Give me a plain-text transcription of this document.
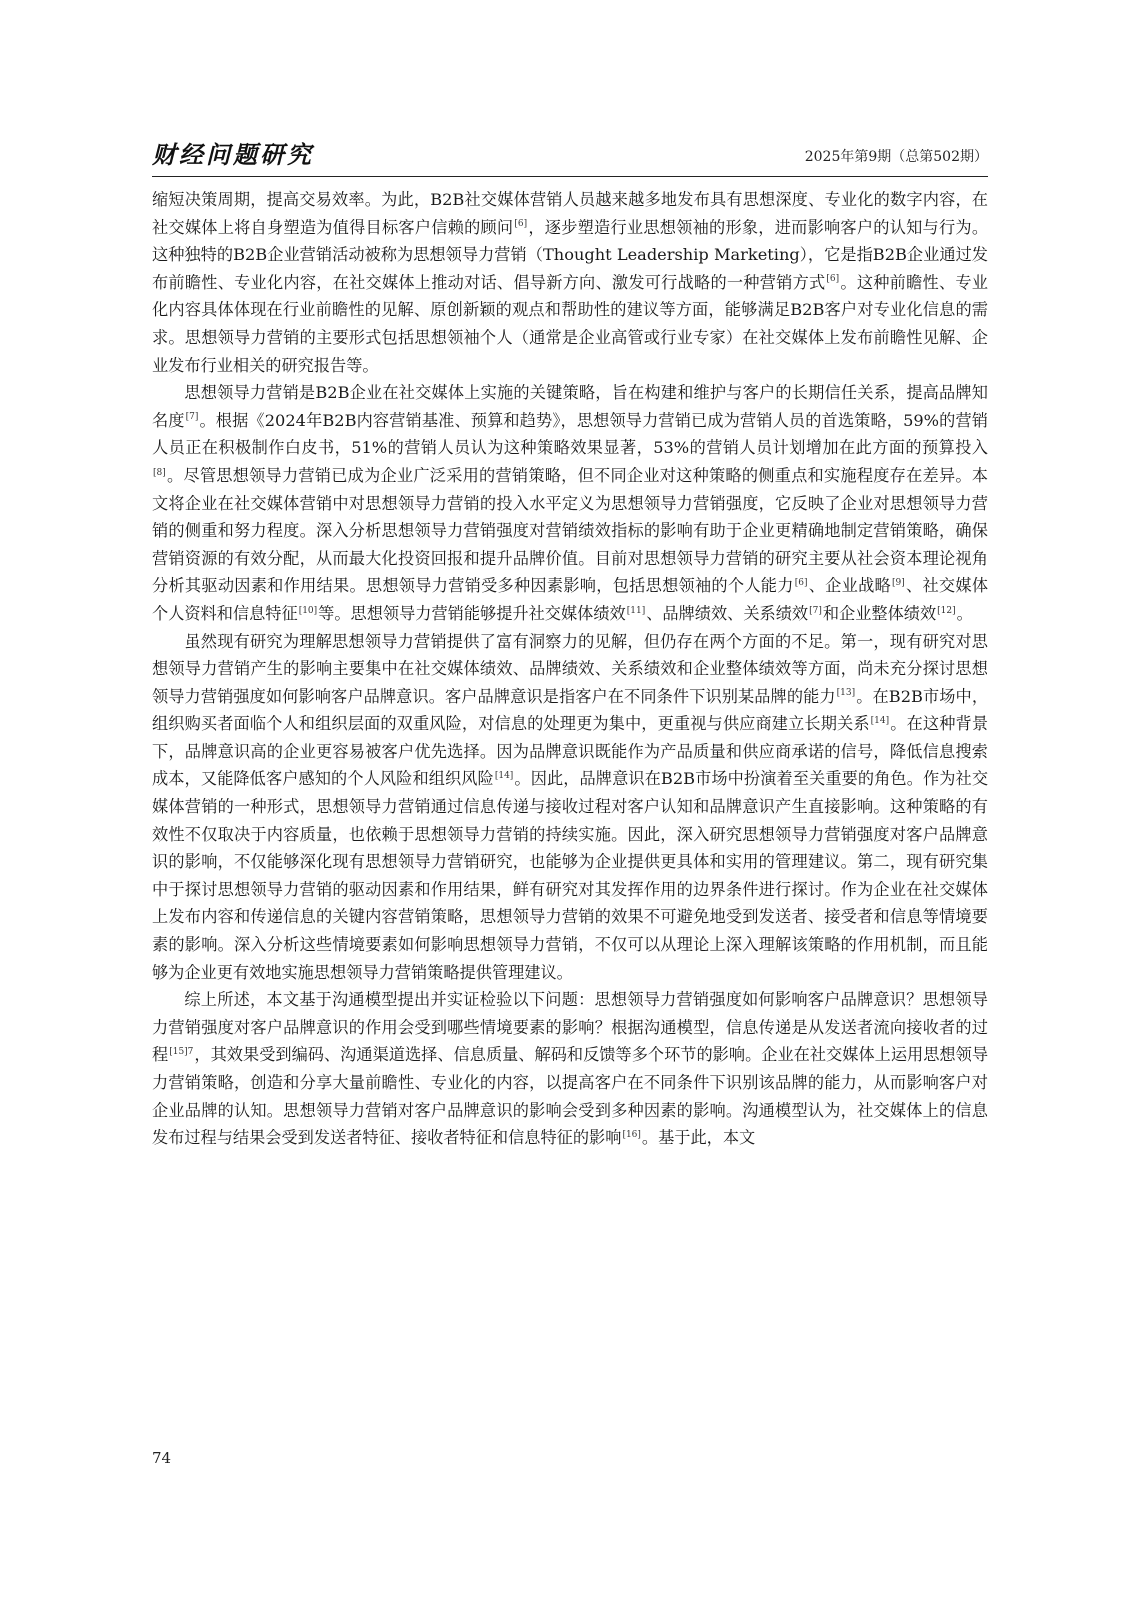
财经问题研究	2025年第9期（总第502期）

缩短决策周期，提高交易效率。为此，B2B社交媒体营销人员越来越多地发布具有思想深度、专业化的数字内容，在社交媒体上将自身塑造为值得目标客户信赖的顾问[6]，逐步塑造行业思想领袖的形象，进而影响客户的认知与行为。这种独特的B2B企业营销活动被称为思想领导力营销（Thought Leadership Marketing），它是指B2B企业通过发布前瞻性、专业化内容，在社交媒体上推动对话、倡导新方向、激发可行战略的一种营销方式[6]。这种前瞻性、专业化内容具体体现在行业前瞻性的见解、原创新颖的观点和帮助性的建议等方面，能够满足B2B客户对专业化信息的需求。思想领导力营销的主要形式包括思想领袖个人（通常是企业高管或行业专家）在社交媒体上发布前瞻性见解、企业发布行业相关的研究报告等。

思想领导力营销是B2B企业在社交媒体上实施的关键策略，旨在构建和维护与客户的长期信任关系，提高品牌知名度[7]。根据《2024年B2B内容营销基准、预算和趋势》，思想领导力营销已成为营销人员的首选策略，59%的营销人员正在积极制作白皮书，51%的营销人员认为这种策略效果显著，53%的营销人员计划增加在此方面的预算投入[8]。尽管思想领导力营销已成为企业广泛采用的营销策略，但不同企业对这种策略的侧重点和实施程度存在差异。本文将企业在社交媒体营销中对思想领导力营销的投入水平定义为思想领导力营销强度，它反映了企业对思想领导力营销的侧重和努力程度。深入分析思想领导力营销强度对营销绩效指标的影响有助于企业更精确地制定营销策略，确保营销资源的有效分配，从而最大化投资回报和提升品牌价值。目前对思想领导力营销的研究主要从社会资本理论视角分析其驱动因素和作用结果。思想领导力营销受多种因素影响，包括思想领袖的个人能力[6]、企业战略[9]、社交媒体个人资料和信息特征[10]等。思想领导力营销能够提升社交媒体绩效[11]、品牌绩效、关系绩效[7]和企业整体绩效[12]。

虽然现有研究为理解思想领导力营销提供了富有洞察力的见解，但仍存在两个方面的不足。第一，现有研究对思想领导力营销产生的影响主要集中在社交媒体绩效、品牌绩效、关系绩效和企业整体绩效等方面，尚未充分探讨思想领导力营销强度如何影响客户品牌意识。客户品牌意识是指客户在不同条件下识别某品牌的能力[13]。在B2B市场中，组织购买者面临个人和组织层面的双重风险，对信息的处理更为集中，更重视与供应商建立长期关系[14]。在这种背景下，品牌意识高的企业更容易被客户优先选择。因为品牌意识既能作为产品质量和供应商承诺的信号，降低信息搜索成本，又能降低客户感知的个人风险和组织风险[14]。因此，品牌意识在B2B市场中扮演着至关重要的角色。作为社交媒体营销的一种形式，思想领导力营销通过信息传递与接收过程对客户认知和品牌意识产生直接影响。这种策略的有效性不仅取决于内容质量，也依赖于思想领导力营销的持续实施。因此，深入研究思想领导力营销强度对客户品牌意识的影响，不仅能够深化现有思想领导力营销研究，也能够为企业提供更具体和实用的管理建议。第二，现有研究集中于探讨思想领导力营销的驱动因素和作用结果，鲜有研究对其发挥作用的边界条件进行探讨。作为企业在社交媒体上发布内容和传递信息的关键内容营销策略，思想领导力营销的效果不可避免地受到发送者、接受者和信息等情境要素的影响。深入分析这些情境要素如何影响思想领导力营销，不仅可以从理论上深入理解该策略的作用机制，而且能够为企业更有效地实施思想领导力营销策略提供管理建议。

综上所述，本文基于沟通模型提出并实证检验以下问题：思想领导力营销强度如何影响客户品牌意识？思想领导力营销强度对客户品牌意识的作用会受到哪些情境要素的影响？根据沟通模型，信息传递是从发送者流向接收者的过程$^{[15]7}$，其效果受到编码、沟通渠道选择、信息质量、解码和反馈等多个环节的影响。企业在社交媒体上运用思想领导力营销策略，创造和分享大量前瞻性、专业化的内容，以提高客户在不同条件下识别该品牌的能力，从而影响客户对企业品牌的认知。思想领导力营销对客户品牌意识的影响会受到多种因素的影响。沟通模型认为，社交媒体上的信息发布过程与结果会受到发送者特征、接收者特征和信息特征的影响[16]。基于此，本文

74
